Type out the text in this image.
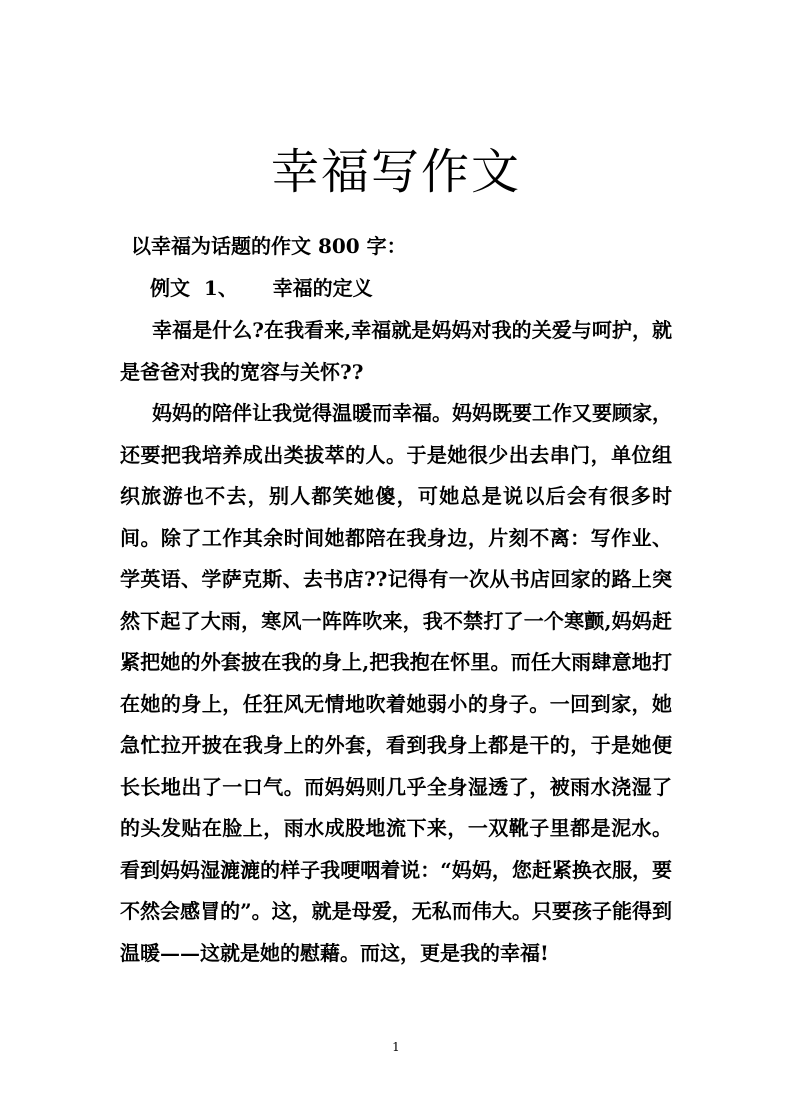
幸福写作文
以幸福为话题的作文 800 字：
例文  1、     幸福的定义

幸福是什么?在我看来,幸福就是妈妈对我的关爱与呵护，就是爸爸对我的宽容与关怀??

妈妈的陪伴让我觉得温暖而幸福。妈妈既要工作又要顾家，还要把我培养成出类拔萃的人。于是她很少出去串门，单位组织旅游也不去，别人都笑她傻，可她总是说以后会有很多时间。除了工作其余时间她都陪在我身边，片刻不离：写作业、学英语、学萨克斯、去书店??记得有一次从书店回家的路上突然下起了大雨，寒风一阵阵吹来，我不禁打了一个寒颤,妈妈赶紧把她的外套披在我的身上,把我抱在怀里。而任大雨肆意地打在她的身上，任狂风无情地吹着她弱小的身子。一回到家，她急忙拉开披在我身上的外套，看到我身上都是干的，于是她便长长地出了一口气。而妈妈则几乎全身湿透了，被雨水浇湿了的头发贴在脸上，雨水成股地流下来，一双靴子里都是泥水。看到妈妈湿漉漉的样子我哽咽着说：“妈妈，您赶紧换衣服，要不然会感冒的”。这，就是母爱，无私而伟大。只要孩子能得到温暖——这就是她的慰藉。而这，更是我的幸福!

1
